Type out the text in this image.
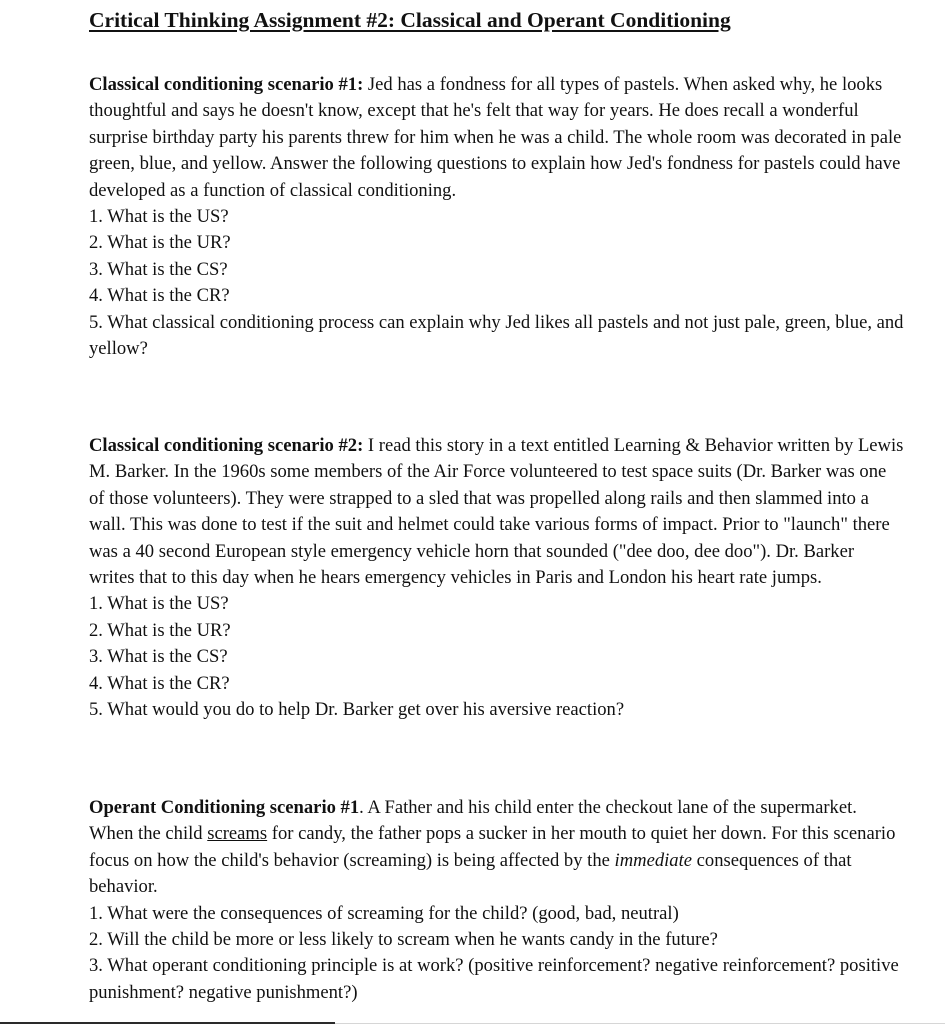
Critical Thinking Assignment #2: Classical and Operant Conditioning

Classical conditioning scenario #1: Jed has a fondness for all types of pastels. When asked why, he looks thoughtful and says he doesn't know, except that he's felt that way for years. He does recall a wonderful surprise birthday party his parents threw for him when he was a child. The whole room was decorated in pale green, blue, and yellow. Answer the following questions to explain how Jed's fondness for pastels could have developed as a function of classical conditioning.

1. What is the US?
2. What is the UR?
3. What is the CS?
4. What is the CR?
5. What classical conditioning process can explain why Jed likes all pastels and not just pale, green, blue, and yellow?

Classical conditioning scenario #2: I read this story in a text entitled Learning & Behavior written by Lewis M. Barker. In the 1960s some members of the Air Force volunteered to test space suits (Dr. Barker was one of those volunteers). They were strapped to a sled that was propelled along rails and then slammed into a wall. This was done to test if the suit and helmet could take various forms of impact. Prior to "launch" there was a 40 second European style emergency vehicle horn that sounded ("dee doo, dee doo"). Dr. Barker writes that to this day when he hears emergency vehicles in Paris and London his heart rate jumps.

1. What is the US?
2. What is the UR?
3. What is the CS?
4. What is the CR?
5. What would you do to help Dr. Barker get over his aversive reaction?

Operant Conditioning scenario #1. A Father and his child enter the checkout lane of the supermarket. When the child screams for candy, the father pops a sucker in her mouth to quiet her down. For this scenario focus on how the child's behavior (screaming) is being affected by the immediate consequences of that behavior.

1. What were the consequences of screaming for the child? (good, bad, neutral)
2. Will the child be more or less likely to scream when he wants candy in the future?
3. What operant conditioning principle is at work? (positive reinforcement? negative reinforcement? positive punishment? negative punishment?)
